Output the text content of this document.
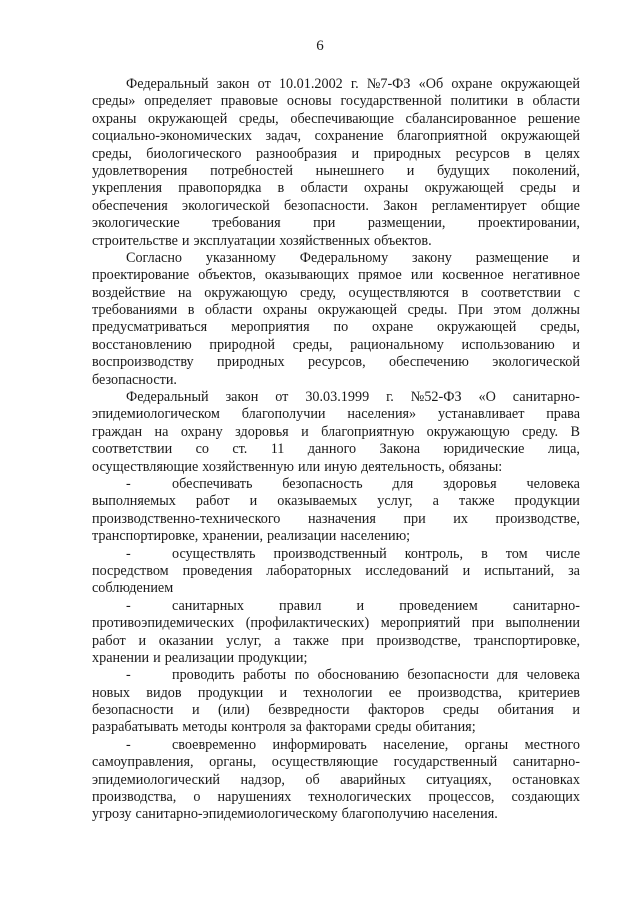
6
Федеральный закон от 10.01.2002 г. №7-ФЗ «Об охране окружающей
среды» определяет правовые основы государственной политики в области
охраны окружающей среды, обеспечивающие сбалансированное решение
социально-экономических задач, сохранение благоприятной окружающей
среды, биологического разнообразия и природных ресурсов в целях
удовлетворения потребностей нынешнего и будущих поколений,
укрепления правопорядка в области охраны окружающей среды и
обеспечения экологической безопасности. Закон регламентирует общие
экологические требования при размещении, проектировании,
строительстве и эксплуатации хозяйственных объектов.
Согласно указанному Федеральному закону размещение и
проектирование объектов, оказывающих прямое или косвенное негативное
воздействие на окружающую среду, осуществляются в соответствии с
требованиями в области охраны окружающей среды. При этом должны
предусматриваться мероприятия по охране окружающей среды,
восстановлению природной среды, рациональному использованию и
воспроизводству природных ресурсов, обеспечению экологической
безопасности.
Федеральный закон от 30.03.1999 г. №52-ФЗ «О санитарно-
эпидемиологическом благополучии населения» устанавливает права
граждан на охрану здоровья и благоприятную окружающую среду. В
соответствии со ст. 11 данного Закона юридические лица,
осуществляющие хозяйственную или иную деятельность, обязаны:
-	обеспечивать безопасность для здоровья человека
выполняемых работ и оказываемых услуг, а также продукции
производственно-технического назначения при их производстве,
транспортировке, хранении, реализации населению;
-	осуществлять производственный контроль, в том числе
посредством проведения лабораторных исследований и испытаний, за
соблюдением
-	санитарных правил и проведением санитарно-
противоэпидемических (профилактических) мероприятий при выполнении
работ и оказании услуг, а также при производстве, транспортировке,
хранении и реализации продукции;
-	проводить работы по обоснованию безопасности для человека
новых видов продукции и технологии ее производства, критериев
безопасности и (или) безвредности факторов среды обитания и
разрабатывать методы контроля за факторами среды обитания;
-	своевременно информировать население, органы местного
самоуправления, органы, осуществляющие государственный санитарно-
эпидемиологический надзор, об аварийных ситуациях, остановках
производства, о нарушениях технологических процессов, создающих
угрозу санитарно-эпидемиологическому благополучию населения.
